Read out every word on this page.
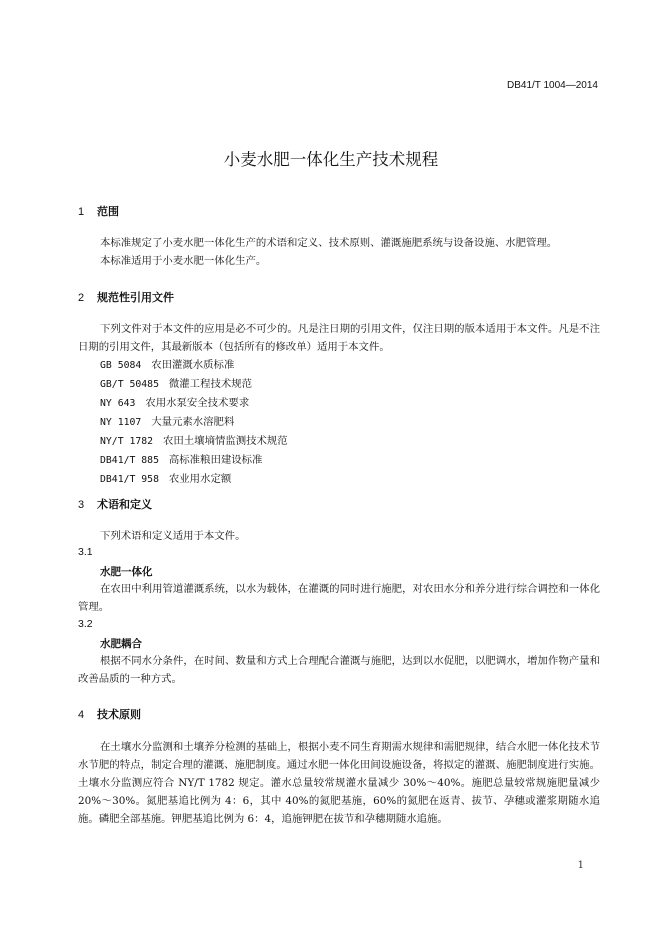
DB41/T 1004—2014
小麦水肥一体化生产技术规程
1 范围
本标准规定了小麦水肥一体化生产的术语和定义、技术原则、灌溉施肥系统与设备设施、水肥管理。
本标准适用于小麦水肥一体化生产。
2 规范性引用文件
下列文件对于本文件的应用是必不可少的。凡是注日期的引用文件，仅注日期的版本适用于本文件。凡是不注日期的引用文件，其最新版本（包括所有的修改单）适用于本文件。
GB 5084 农田灌溉水质标准
GB/T 50485 微灌工程技术规范
NY 643 农用水泵安全技术要求
NY 1107 大量元素水溶肥料
NY/T 1782 农田土壤墒情监测技术规范
DB41/T 885 高标准粮田建设标准
DB41/T 958 农业用水定额
3 术语和定义
下列术语和定义适用于本文件。
3.1
水肥一体化
在农田中利用管道灌溉系统，以水为载体，在灌溉的同时进行施肥，对农田水分和养分进行综合调控和一体化管理。
3.2
水肥耦合
根据不同水分条件，在时间、数量和方式上合理配合灌溉与施肥，达到以水促肥，以肥调水，增加作物产量和改善品质的一种方式。
4 技术原则
在土壤水分监测和土壤养分检测的基础上，根据小麦不同生育期需水规律和需肥规律，结合水肥一体化技术节水节肥的特点，制定合理的灌溉、施肥制度。通过水肥一体化田间设施设备，将拟定的灌溉、施肥制度进行实施。土壤水分监测应符合 NY/T 1782 规定。灌水总量较常规灌水量减少 30%～40%。施肥总量较常规施肥量减少 20%～30%。氮肥基追比例为 4：6，其中 40%的氮肥基施，60%的氮肥在返青、拔节、孕穗或灌浆期随水追施。磷肥全部基施。钾肥基追比例为 6：4，追施钾肥在拔节和孕穗期随水追施。
1
